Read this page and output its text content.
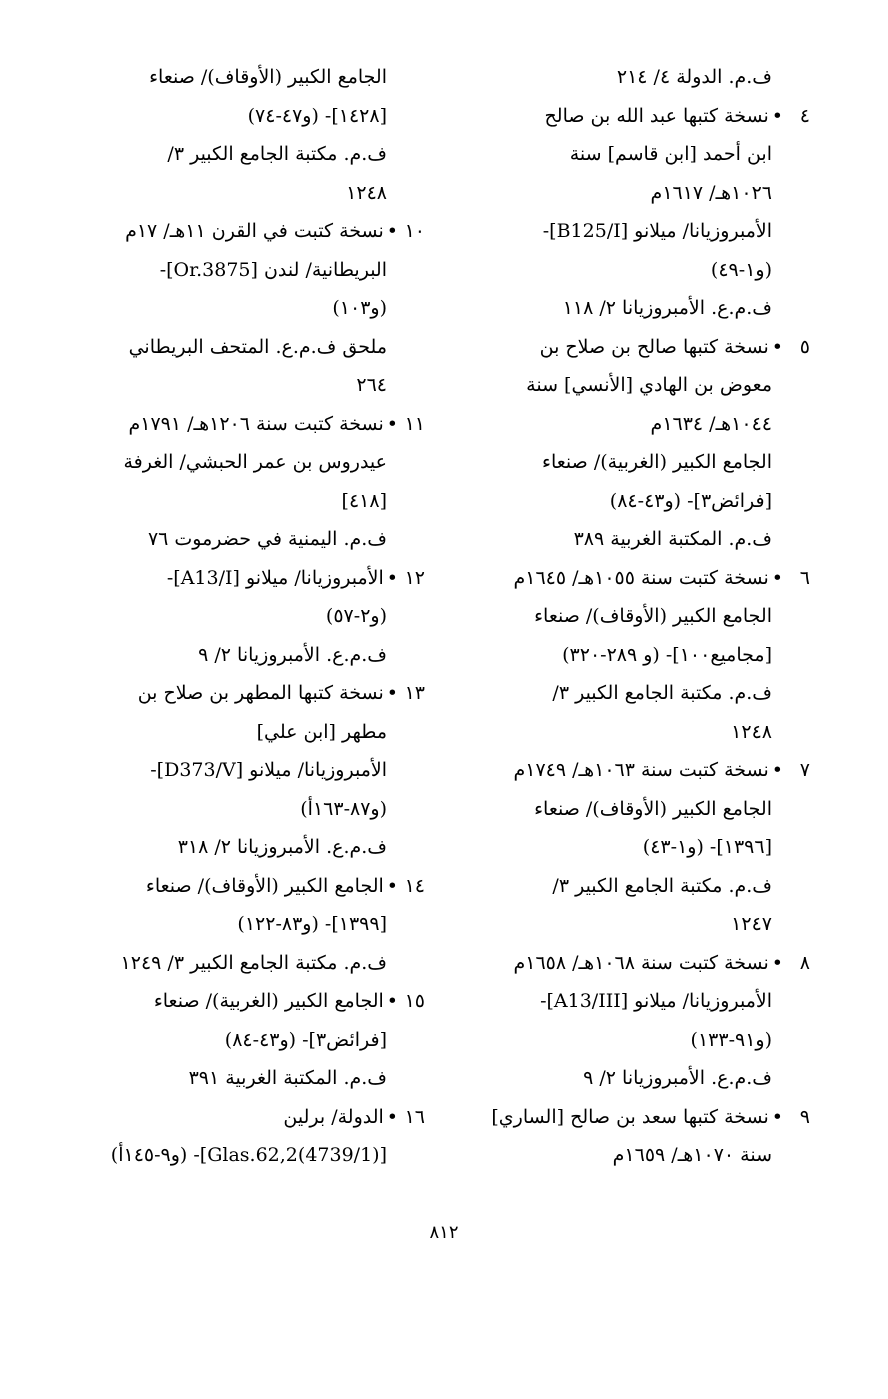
ف.م. الدولة ٤/ ٢١٤
٤•نسخة كتبها عبد الله بن صالح
ابن أحمد [ابن قاسم] سنة
١٠٢٦هـ/ ١٦١٧م
الأمبروزيانا/ ميلانو [B125/I]-
(و١-٤٩)
ف.م.ع. الأمبروزيانا ٢/ ١١٨
٥•نسخة كتبها صالح بن صلاح بن
معوض بن الهادي [الأنسي] سنة
١٠٤٤هـ/ ١٦٣٤م
الجامع الكبير (الغربية)/ صنعاء
[فرائض٣]- (و٤٣-٨٤)
ف.م. المكتبة الغربية ٣٨٩
٦•نسخة كتبت سنة ١٠٥٥هـ/ ١٦٤٥م
الجامع الكبير (الأوقاف)/ صنعاء
[مجاميع١٠٠]- (و ٢٨٩-٣٢٠)
ف.م. مكتبة الجامع الكبير ٣/
١٢٤٨
٧•نسخة كتبت سنة ١٠٦٣هـ/ ١٧٤٩م
الجامع الكبير (الأوقاف)/ صنعاء
[١٣٩٦]- (و١-٤٣)
ف.م. مكتبة الجامع الكبير ٣/
١٢٤٧
٨•نسخة كتبت سنة ١٠٦٨هـ/ ١٦٥٨م
الأمبروزيانا/ ميلانو [A13/III]-
(و٩١-١٣٣)
ف.م.ع. الأمبروزيانا ٢/ ٩
٩•نسخة كتبها سعد بن صالح [الساري]
سنة ١٠٧٠هـ/ ١٦٥٩م
الجامع الكبير (الأوقاف)/ صنعاء
[١٤٢٨]- (و٤٧-٧٤)
ف.م. مكتبة الجامع الكبير ٣/
١٢٤٨
١٠•نسخة كتبت في القرن ١١هـ/ ١٧م
البريطانية/ لندن [Or.3875]-
(و١٠٣)
ملحق ف.م.ع. المتحف البريطاني
٢٦٤
١١•نسخة كتبت سنة ١٢٠٦هـ/ ١٧٩١م
عيدروس بن عمر الحبشي/ الغرفة
[٤١٨]
ف.م. اليمنية في حضرموت ٧٦
١٢•الأمبروزيانا/ ميلانو [A13/I]-
(و٢-٥٧)
ف.م.ع. الأمبروزيانا ٢/ ٩
١٣•نسخة كتبها المطهر بن صلاح بن
مطهر [ابن علي]
الأمبروزيانا/ ميلانو [D373/V]-
(و٨٧-١٦٣أ)
ف.م.ع. الأمبروزيانا ٢/ ٣١٨
١٤•الجامع الكبير (الأوقاف)/ صنعاء
[١٣٩٩]- (و٨٣-١٢٢)
ف.م. مكتبة الجامع الكبير ٣/ ١٢٤٩
١٥•الجامع الكبير (الغربية)/ صنعاء
[فرائض٣]- (و٤٣-٨٤)
ف.م. المكتبة الغربية ٣٩١
١٦•الدولة/ برلين
[(4739/1)Glas.62,2]- (و٩-١٤٥أ)
٨١٢
